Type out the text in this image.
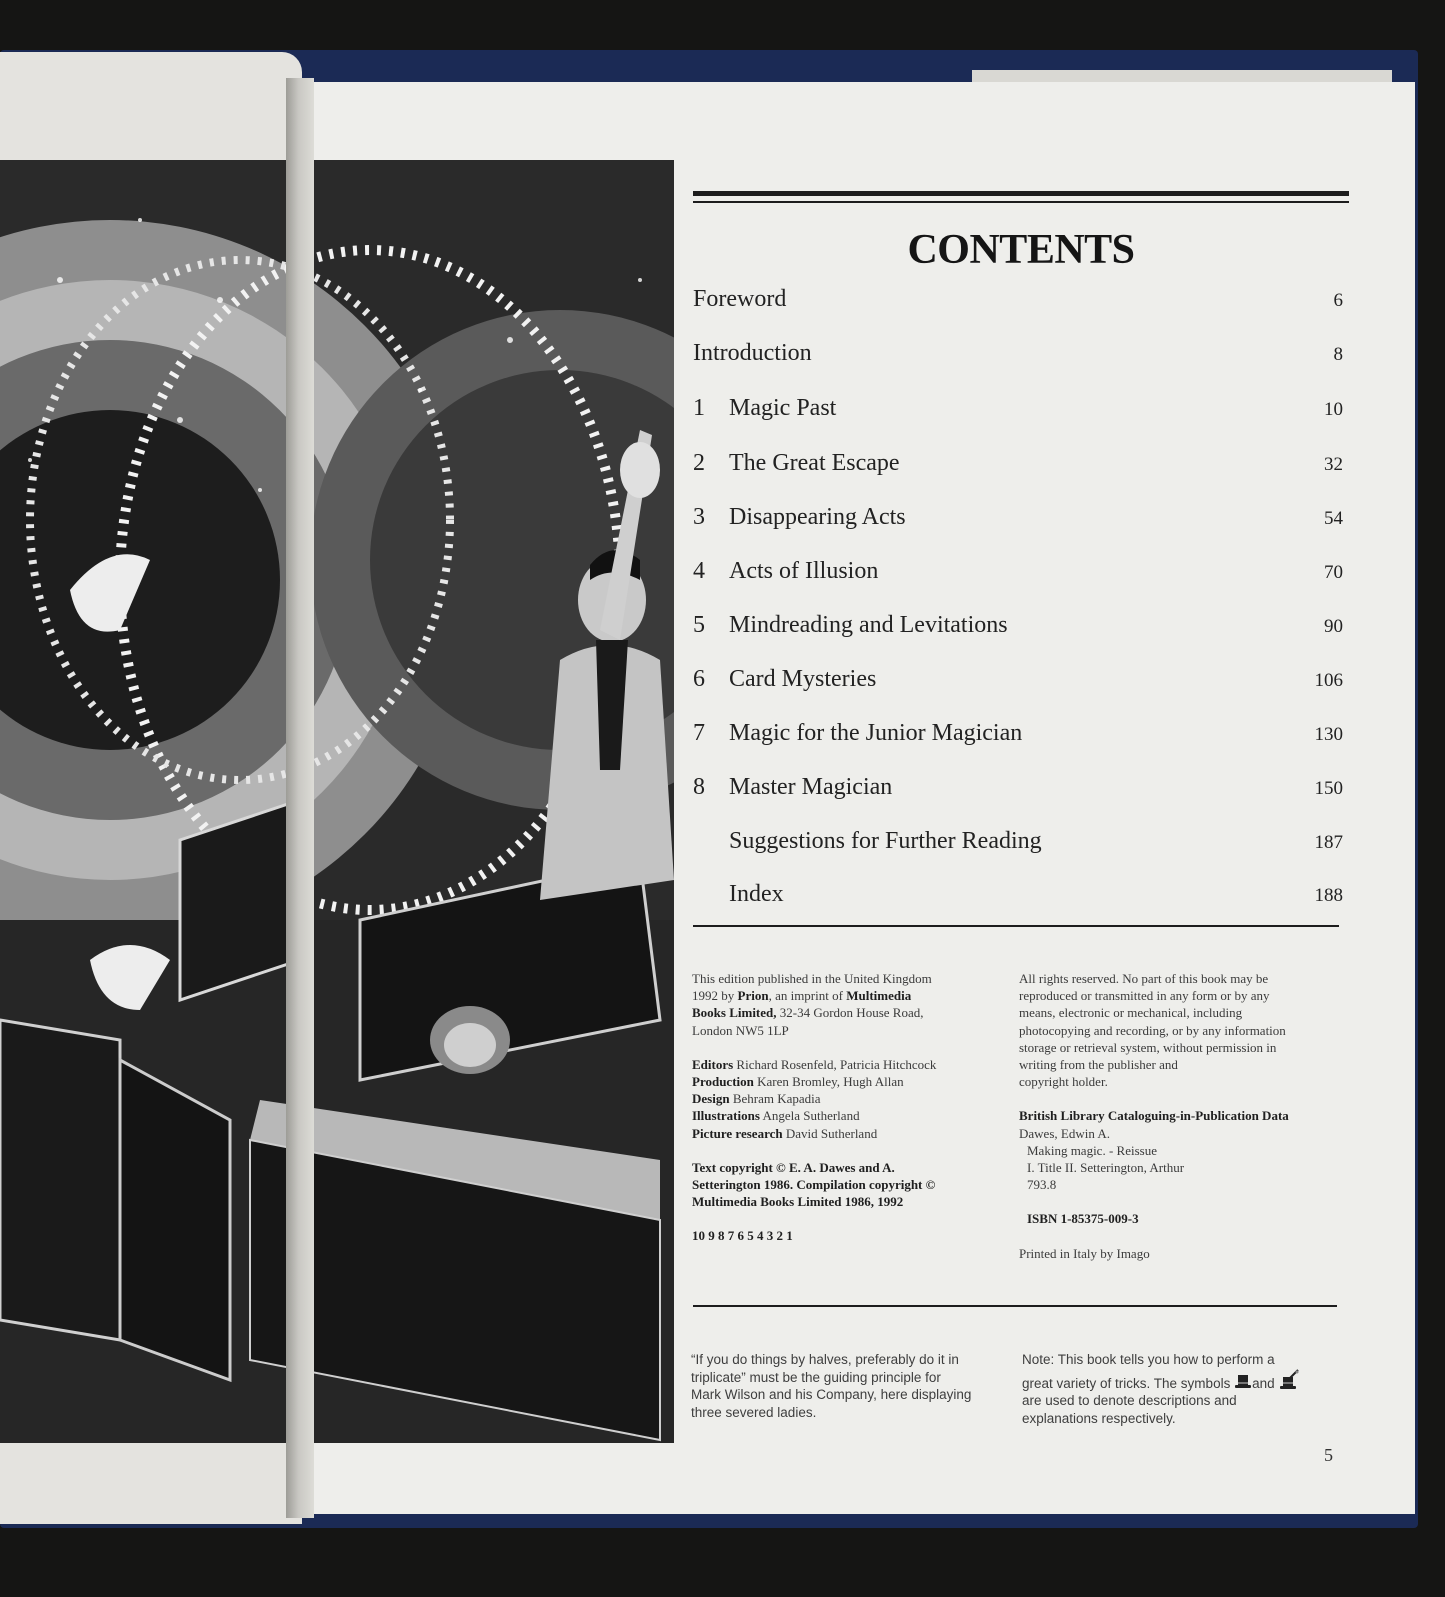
CONTENTS
Foreword	6
Introduction	8
1 Magic Past	10
2 The Great Escape	32
3 Disappearing Acts	54
4 Acts of Illusion	70
5 Mindreading and Levitations	90
6 Card Mysteries	106
7 Magic for the Junior Magician	130
8 Master Magician	150
Suggestions for Further Reading	187
Index	188

This edition published in the United Kingdom

1992 by Prion, an imprint of Multimedia

Books Limited, 32-34 Gordon House Road,

London NW5 1LP

Editors Richard Rosenfeld, Patricia Hitchcock

Production Karen Bromley, Hugh Allan

Design Behram Kapadia

Illustrations Angela Sutherland

Picture research David Sutherland

Text copyright © E. A. Dawes and A.

Setterington 1986. Compilation copyright ©

Multimedia Books Limited 1986, 1992

10 9 8 7 6 5 4 3 2 1

All rights reserved. No part of this book may be

reproduced or transmitted in any form or by any

means, electronic or mechanical, including

photocopying and recording, or by any information

storage or retrieval system, without permission in

writing from the publisher and

copyright holder.

British Library Cataloguing-in-Publication Data

Dawes, Edwin A.

Making magic. - Reissue

I. Title II. Setterington, Arthur

793.8

ISBN 1-85375-009-3

Printed in Italy by Imago

“If you do things by halves, preferably do it in

triplicate” must be the guiding principle for

Mark Wilson and his Company, here displaying

three severed ladies.

Note: This book tells you how to perform a

great variety of tricks. The symbols and

are used to denote descriptions and

explanations respectively.

5
